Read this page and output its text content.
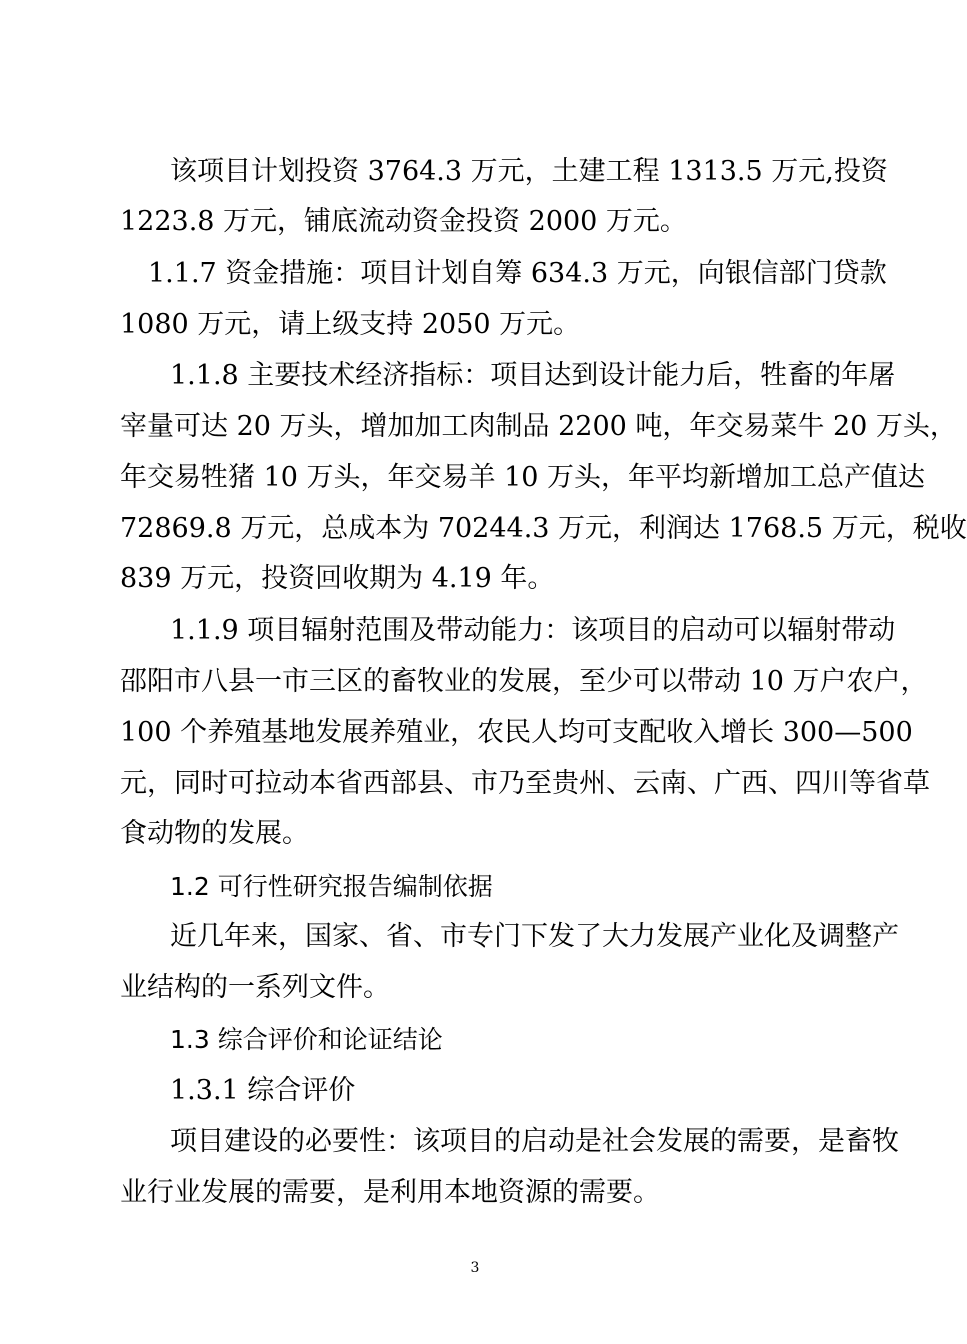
该项目计划投资 3764.3 万元，土建工程 1313.5 万元,投资
1223.8 万元，铺底流动资金投资 2000 万元。
1.1.7 资金措施：项目计划自筹 634.3 万元，向银信部门贷款
1080 万元，请上级支持 2050 万元。
1.1.8 主要技术经济指标：项目达到设计能力后，牲畜的年屠
宰量可达 20 万头，增加加工肉制品 2200 吨，年交易菜牛 20 万头，
年交易牲猪 10 万头，年交易羊 10 万头，年平均新增加工总产值达
72869.8 万元，总成本为 70244.3 万元，利润达 1768.5 万元，税收
839 万元，投资回收期为 4.19 年。
1.1.9 项目辐射范围及带动能力：该项目的启动可以辐射带动
邵阳市八县一市三区的畜牧业的发展，至少可以带动 10 万户农户，
100 个养殖基地发展养殖业，农民人均可支配收入增长 300—500
元，同时可拉动本省西部县、市乃至贵州、云南、广西、四川等省草
食动物的发展。
1.2 可行性研究报告编制依据
近几年来，国家、省、市专门下发了大力发展产业化及调整产
业结构的一系列文件。
1.3 综合评价和论证结论
1.3.1 综合评价
项目建设的必要性：该项目的启动是社会发展的需要，是畜牧
业行业发展的需要，是利用本地资源的需要。
3
